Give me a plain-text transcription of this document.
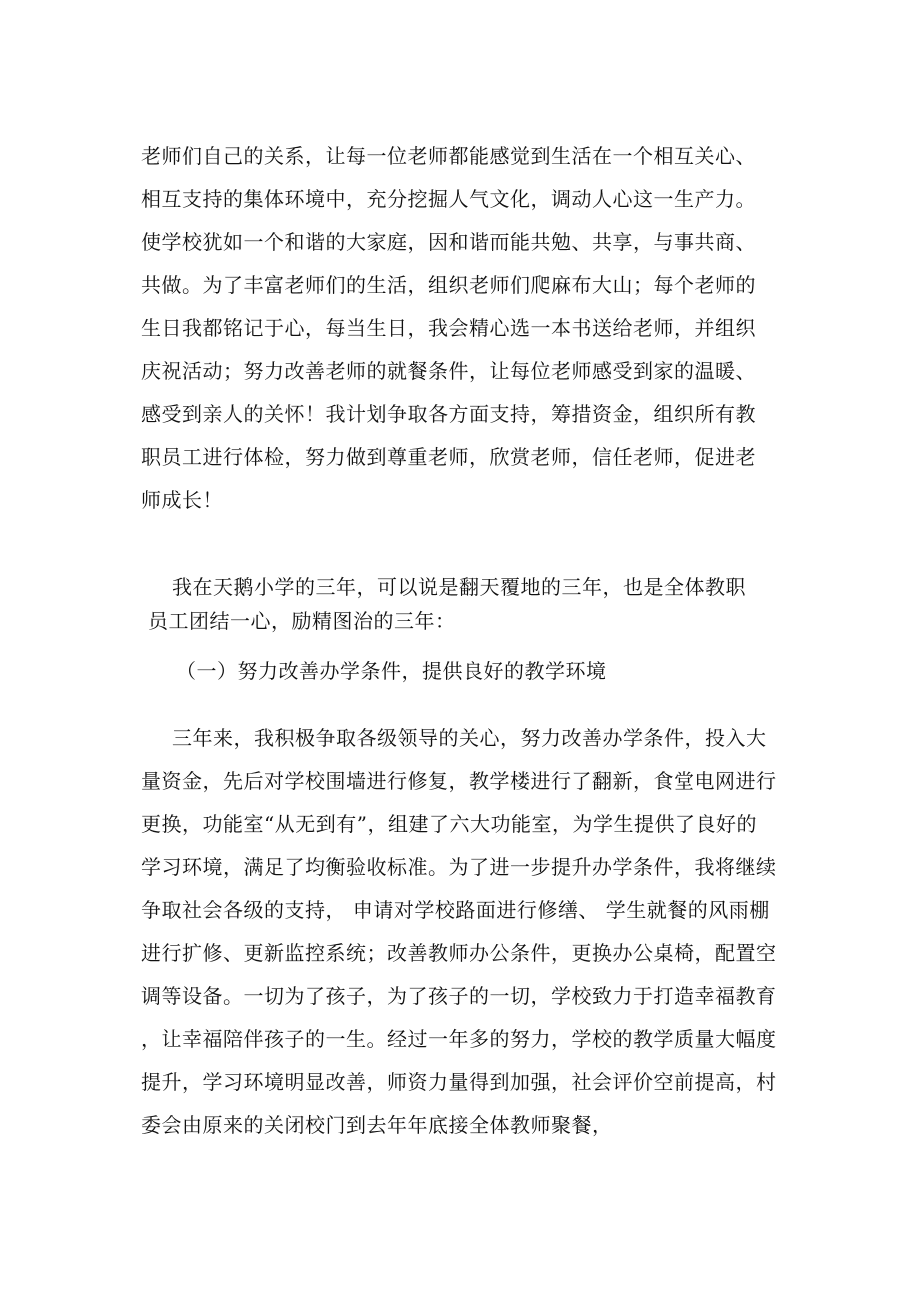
老师们自己的关系，让每一位老师都能感觉到生活在一个相互关心、
相互支持的集体环境中，充分挖掘人气文化，调动人心这一生产力。
使学校犹如一个和谐的大家庭，因和谐而能共勉、共享，与事共商、
共做。为了丰富老师们的生活，组织老师们爬麻布大山；每个老师的
生日我都铭记于心，每当生日，我会精心选一本书送给老师，并组织
庆祝活动；努力改善老师的就餐条件，让每位老师感受到家的温暖、
感受到亲人的关怀！我计划争取各方面支持，筹措资金，组织所有教
职员工进行体检，努力做到尊重老师，欣赏老师，信任老师，促进老
师成长！
我在天鹅小学的三年，可以说是翻天覆地的三年，也是全体教职
员工团结一心，励精图治的三年：
（一）努力改善办学条件，提供良好的教学环境
三年来，我积极争取各级领导的关心，努力改善办学条件，投入大
量资金，先后对学校围墙进行修复，教学楼进行了翻新，食堂电网进行
更换，功能室“从无到有”，组建了六大功能室，为学生提供了良好的
学习环境，满足了均衡验收标准。为了进一步提升办学条件，我将继续
争取社会各级的支持， 申请对学校路面进行修缮、 学生就餐的风雨棚
进行扩修、更新监控系统；改善教师办公条件，更换办公桌椅，配置空
调等设备。一切为了孩子，为了孩子的一切，学校致力于打造幸福教育
，让幸福陪伴孩子的一生。经过一年多的努力，学校的教学质量大幅度
提升，学习环境明显改善，师资力量得到加强，社会评价空前提高，村
委会由原来的关闭校门到去年年底接全体教师聚餐，
